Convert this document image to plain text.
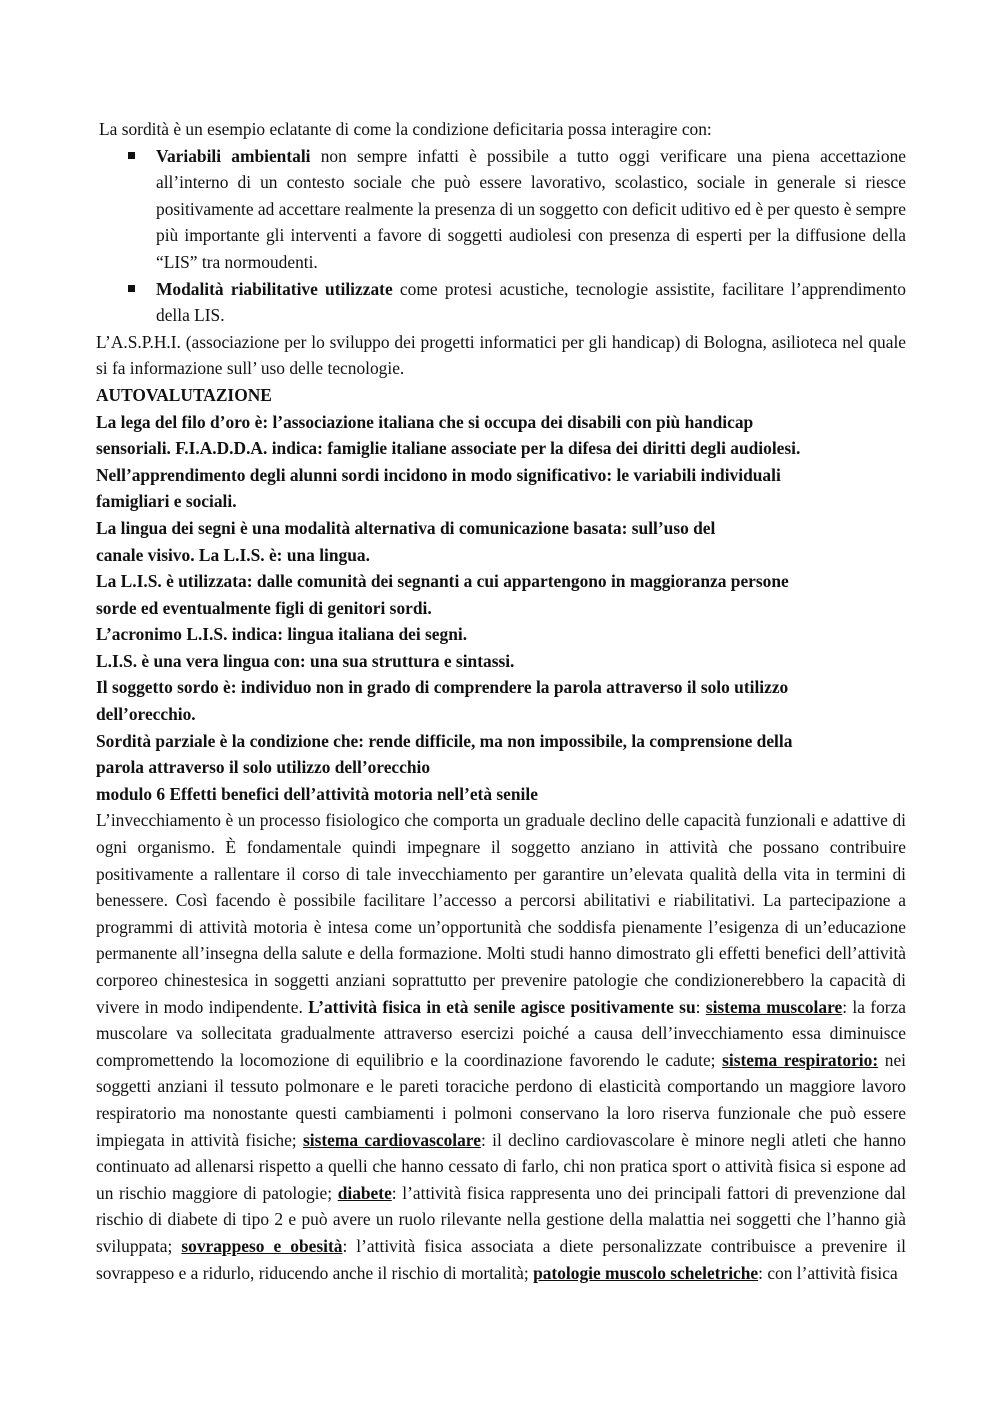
La sordità è un esempio eclatante di come la condizione deficitaria possa interagire con:
Variabili ambientali non sempre infatti è possibile a tutto oggi verificare una piena accettazione all’interno di un contesto sociale che può essere lavorativo, scolastico, sociale in generale si riesce positivamente ad accettare realmente la presenza di un soggetto con deficit uditivo ed è per questo è sempre più importante gli interventi a favore di soggetti audiolesi con presenza di esperti per la diffusione della “LIS” tra normoudenti.
Modalità riabilitative utilizzate come protesi acustiche, tecnologie assistite, facilitare l’apprendimento della LIS.
L’A.S.P.H.I. (associazione per lo sviluppo dei progetti informatici per gli handicap) di Bologna, asilioteca nel quale si fa informazione sull’ uso delle tecnologie.
AUTOVALUTAZIONE
La lega del filo d’oro è: l’associazione italiana che si occupa dei disabili con più handicap
sensoriali. F.I.A.D.D.A. indica: famiglie italiane associate per la difesa dei diritti degli audiolesi.
Nell’apprendimento degli alunni sordi incidono in modo significativo: le variabili individuali
famigliari e sociali.
La lingua dei segni è una modalità alternativa di comunicazione basata: sull’uso del
canale visivo. La L.I.S. è: una lingua.
La L.I.S. è utilizzata: dalle comunità dei segnanti a cui appartengono in maggioranza persone
sorde ed eventualmente figli di genitori sordi.
L’acronimo L.I.S. indica: lingua italiana dei segni.
L.I.S. è una vera lingua con: una sua struttura e sintassi.
Il soggetto sordo è: individuo non in grado di comprendere la parola attraverso il solo utilizzo
dell’orecchio.
Sordità parziale è la condizione che: rende difficile, ma non impossibile, la comprensione della
parola attraverso il solo utilizzo dell’orecchio
modulo 6 Effetti benefici dell’attività motoria nell’età senile
L’invecchiamento è un processo fisiologico che comporta un graduale declino delle capacità funzionali e adattive di ogni organismo. È fondamentale quindi impegnare il soggetto anziano in attività che possano contribuire positivamente a rallentare il corso di tale invecchiamento per garantire un’elevata qualità della vita in termini di benessere. Così facendo è possibile facilitare l’accesso a percorsi abilitativi e riabilitativi. La partecipazione a programmi di attività motoria è intesa come un’opportunità che soddisfa pienamente l’esigenza di un’educazione permanente all’insegna della salute e della formazione. Molti studi hanno dimostrato gli effetti benefici dell’attività corporeo chinestesica in soggetti anziani soprattutto per prevenire patologie che condizionerebbero la capacità di vivere in modo indipendente. L’attività fisica in età senile agisce positivamente su: sistema muscolare: la forza muscolare va sollecitata gradualmente attraverso esercizi poiché a causa dell’invecchiamento essa diminuisce compromettendo la locomozione di equilibrio e la coordinazione favorendo le cadute; sistema respiratorio: nei soggetti anziani il tessuto polmonare e le pareti toraciche perdono di elasticità comportando un maggiore lavoro respiratorio ma nonostante questi cambiamenti i polmoni conservano la loro riserva funzionale che può essere impiegata in attività fisiche; sistema cardiovascolare: il declino cardiovascolare è minore negli atleti che hanno continuato ad allenarsi rispetto a quelli che hanno cessato di farlo, chi non pratica sport o attività fisica si espone ad un rischio maggiore di patologie; diabete: l’attività fisica rappresenta uno dei principali fattori di prevenzione dal rischio di diabete di tipo 2 e può avere un ruolo rilevante nella gestione della malattia nei soggetti che l’hanno già sviluppata; sovrappeso e obesità: l’attività fisica associata a diete personalizzate contribuisce a prevenire il sovrappeso e a ridurlo, riducendo anche il rischio di mortalità; patologie muscolo scheletriche: con l’attività fisica
